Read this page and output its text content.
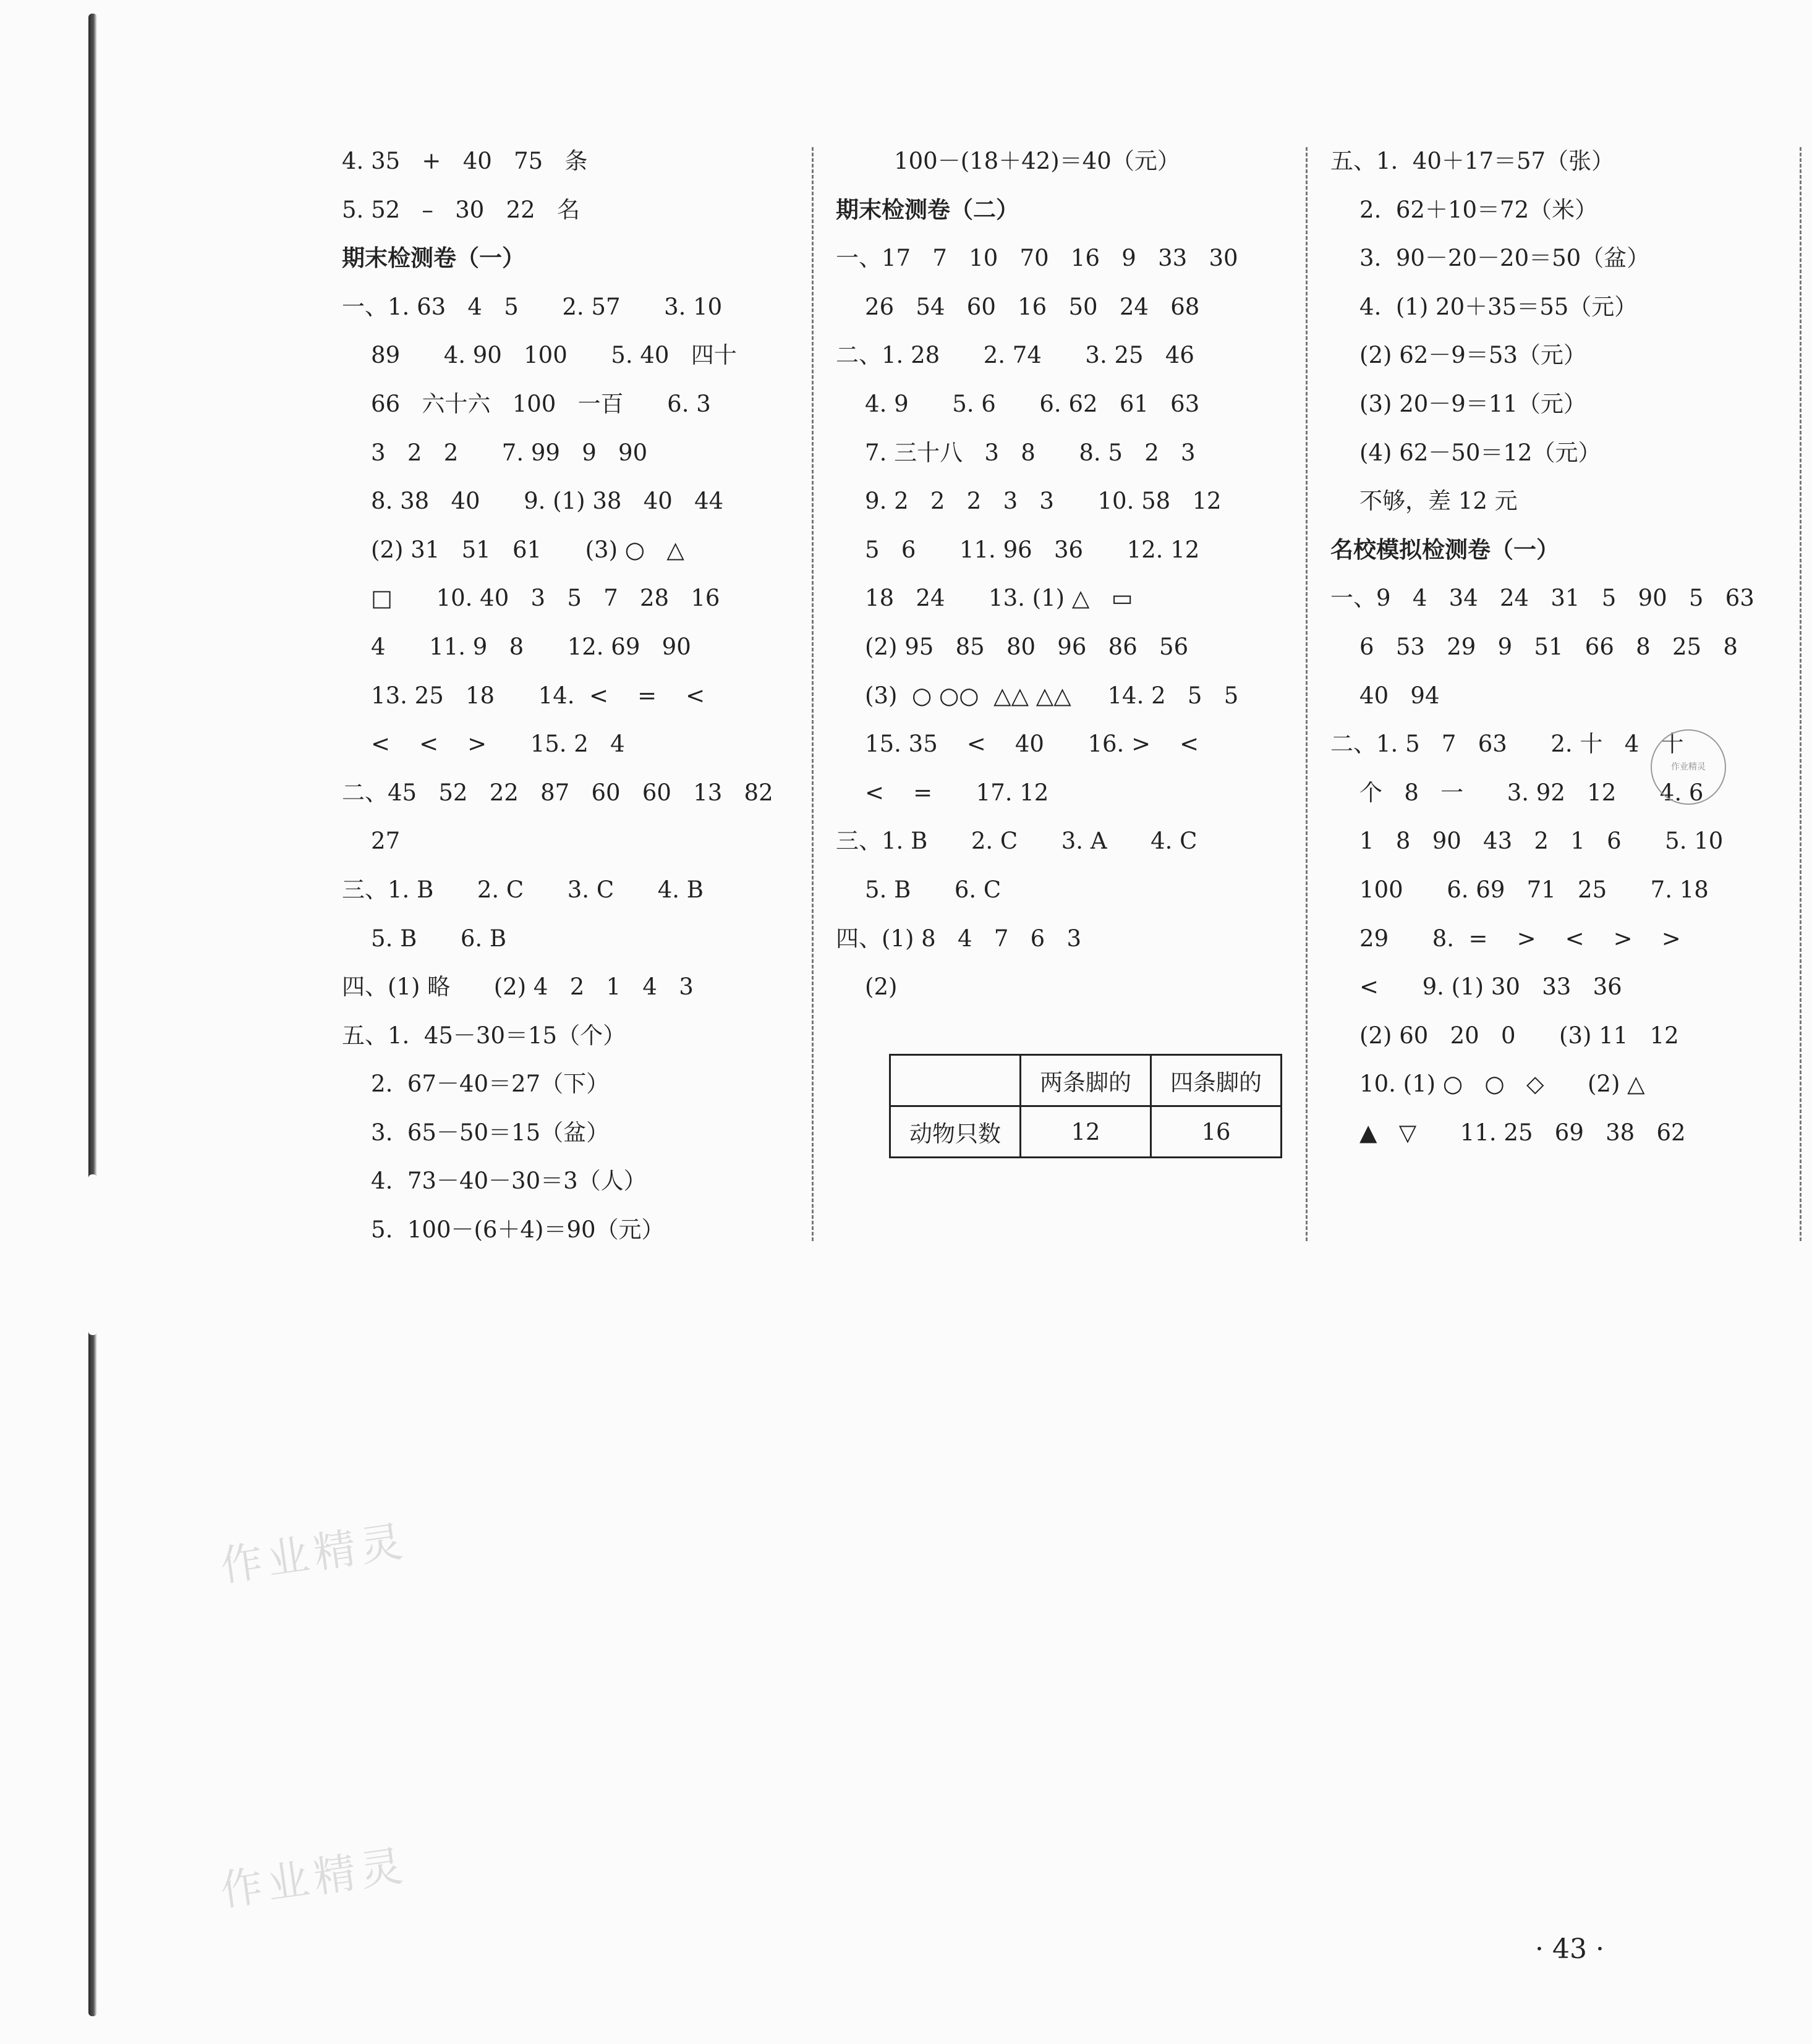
4. 35   +   40   75   条
5. 52   –   30   22   名
期末检测卷（一）
一、1. 63   4   5      2. 57      3. 10
89      4. 90   100      5. 40   四十
66   六十六   100   一百      6. 3
3   2   2      7. 99   9   90
8. 38   40      9. (1) 38   40   44
(2) 31   51   61      (3) ○   △
□      10. 40   3   5   7   28   16
4      11. 9   8      12. 69   90
13. 25   18      14.  <    =    <
<    <    >      15. 2   4
二、45   52   22   87   60   60   13   82
27
三、1. B      2. C      3. C      4. B
5. B      6. B
四、(1) 略      (2) 4   2   1   4   3
五、1.  45－30＝15（个）
2.  67－40＝27（下）
3.  65－50＝15（盆）
4.  73－40－30＝3（人）
5.  100－(6＋4)＝90（元）
100－(18＋42)＝40（元）
期末检测卷（二）
一、17   7   10   70   16   9   33   30
26   54   60   16   50   24   68
二、1. 28      2. 74      3. 25   46
4. 9      5. 6      6. 62   61   63
7. 三十八   3   8      8. 5   2   3
9. 2   2   2   3   3      10. 58   12
5   6      11. 96   36      12. 12
18   24      13. (1) △   ▭
(2) 95   85   80   96   86   56
(3)  ○ ○○  △△ △△     14. 2   5   5
15. 35    <    40      16. >    <
<    =      17. 12
三、1. B      2. C      3. A      4. C
5. B      6. C
四、(1) 8   4   7   6   3
(2)
五、1.  40＋17＝57（张）
2.  62＋10＝72（米）
3.  90－20－20＝50（盆）
4.  (1) 20＋35＝55（元）
(2) 62－9＝53（元）
(3) 20－9＝11（元）
(4) 62－50＝12（元）
不够，差 12 元
名校模拟检测卷（一）
一、9   4   34   24   31   5   90   5   63
6   53   29   9   51   66   8   25   8
40   94
二、1. 5   7   63      2. 十   4   十
个   8   一      3. 92   12      4. 6
1   8   90   43   2   1   6      5. 10
100      6. 69   71   25      7. 18
29      8.  =    >    <    >    >
<      9. (1) 30   33   36
(2) 60   20   0      (3) 11   12
10. (1) ○   ○   ◇      (2) △
▲   ▽      11. 25   69   38   62
	两条脚的	四条脚的
动物只数	12	16
作业精灵
作业精灵
作业精灵
· 43 ·
